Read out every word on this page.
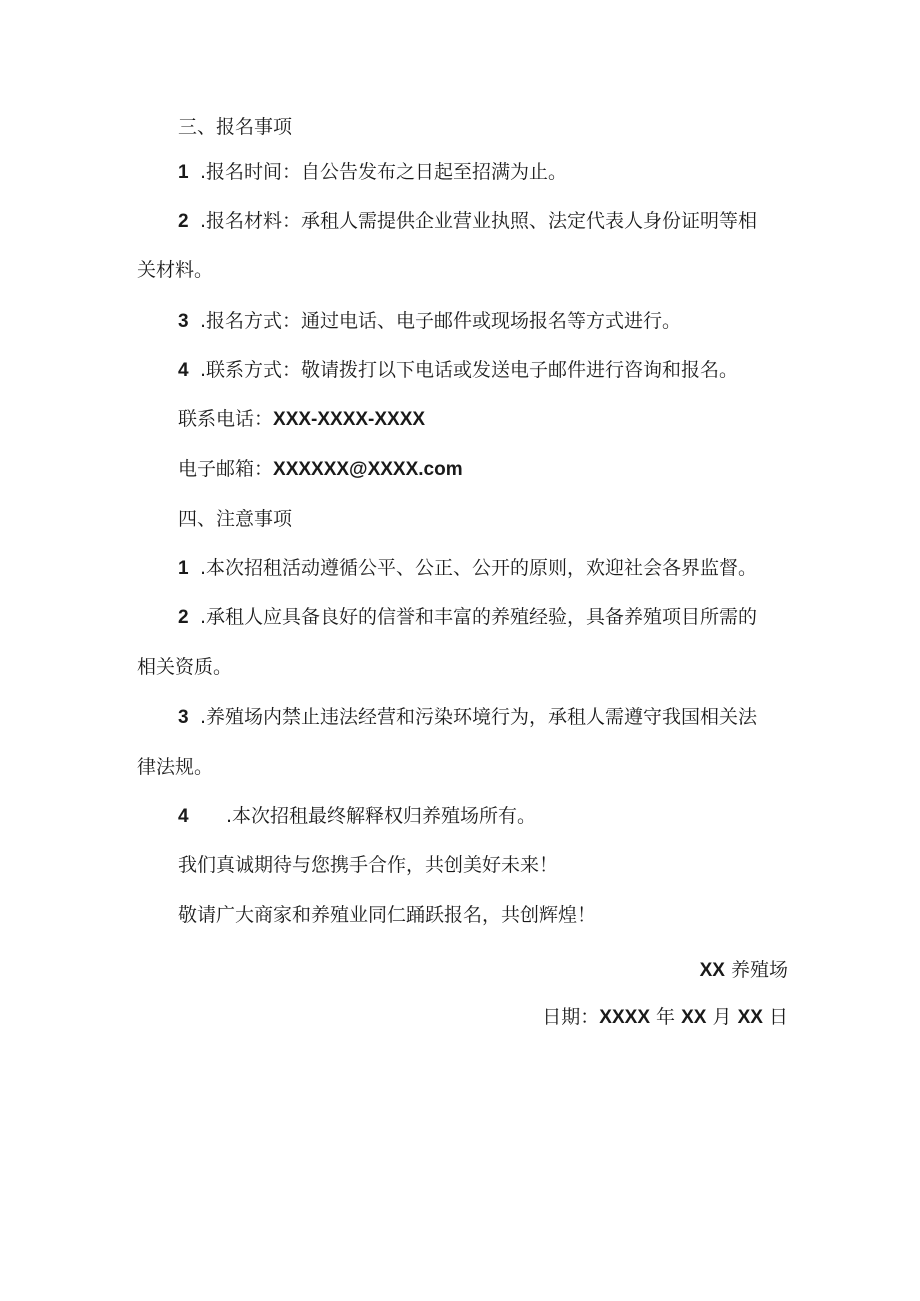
三、报名事项
1 .报名时间：自公告发布之日起至招满为止。
2 .报名材料：承租人需提供企业营业执照、法定代表人身份证明等相
关材料。
3 .报名方式：通过电话、电子邮件或现场报名等方式进行。
4 .联系方式：敬请拨打以下电话或发送电子邮件进行咨询和报名。
联系电话：XXX-XXXX-XXXX
电子邮箱：XXXXXX@XXXX.com
四、注意事项
1 .本次招租活动遵循公平、公正、公开的原则，欢迎社会各界监督。
2 .承租人应具备良好的信誉和丰富的养殖经验，具备养殖项目所需的
相关资质。
3 .养殖场内禁止违法经营和污染环境行为，承租人需遵守我国相关法
律法规。
4 .本次招租最终解释权归养殖场所有。
我们真诚期待与您携手合作，共创美好未来！
敬请广大商家和养殖业同仁踊跃报名，共创辉煌！
XX 养殖场
日期：XXXX 年 XX 月 XX 日
